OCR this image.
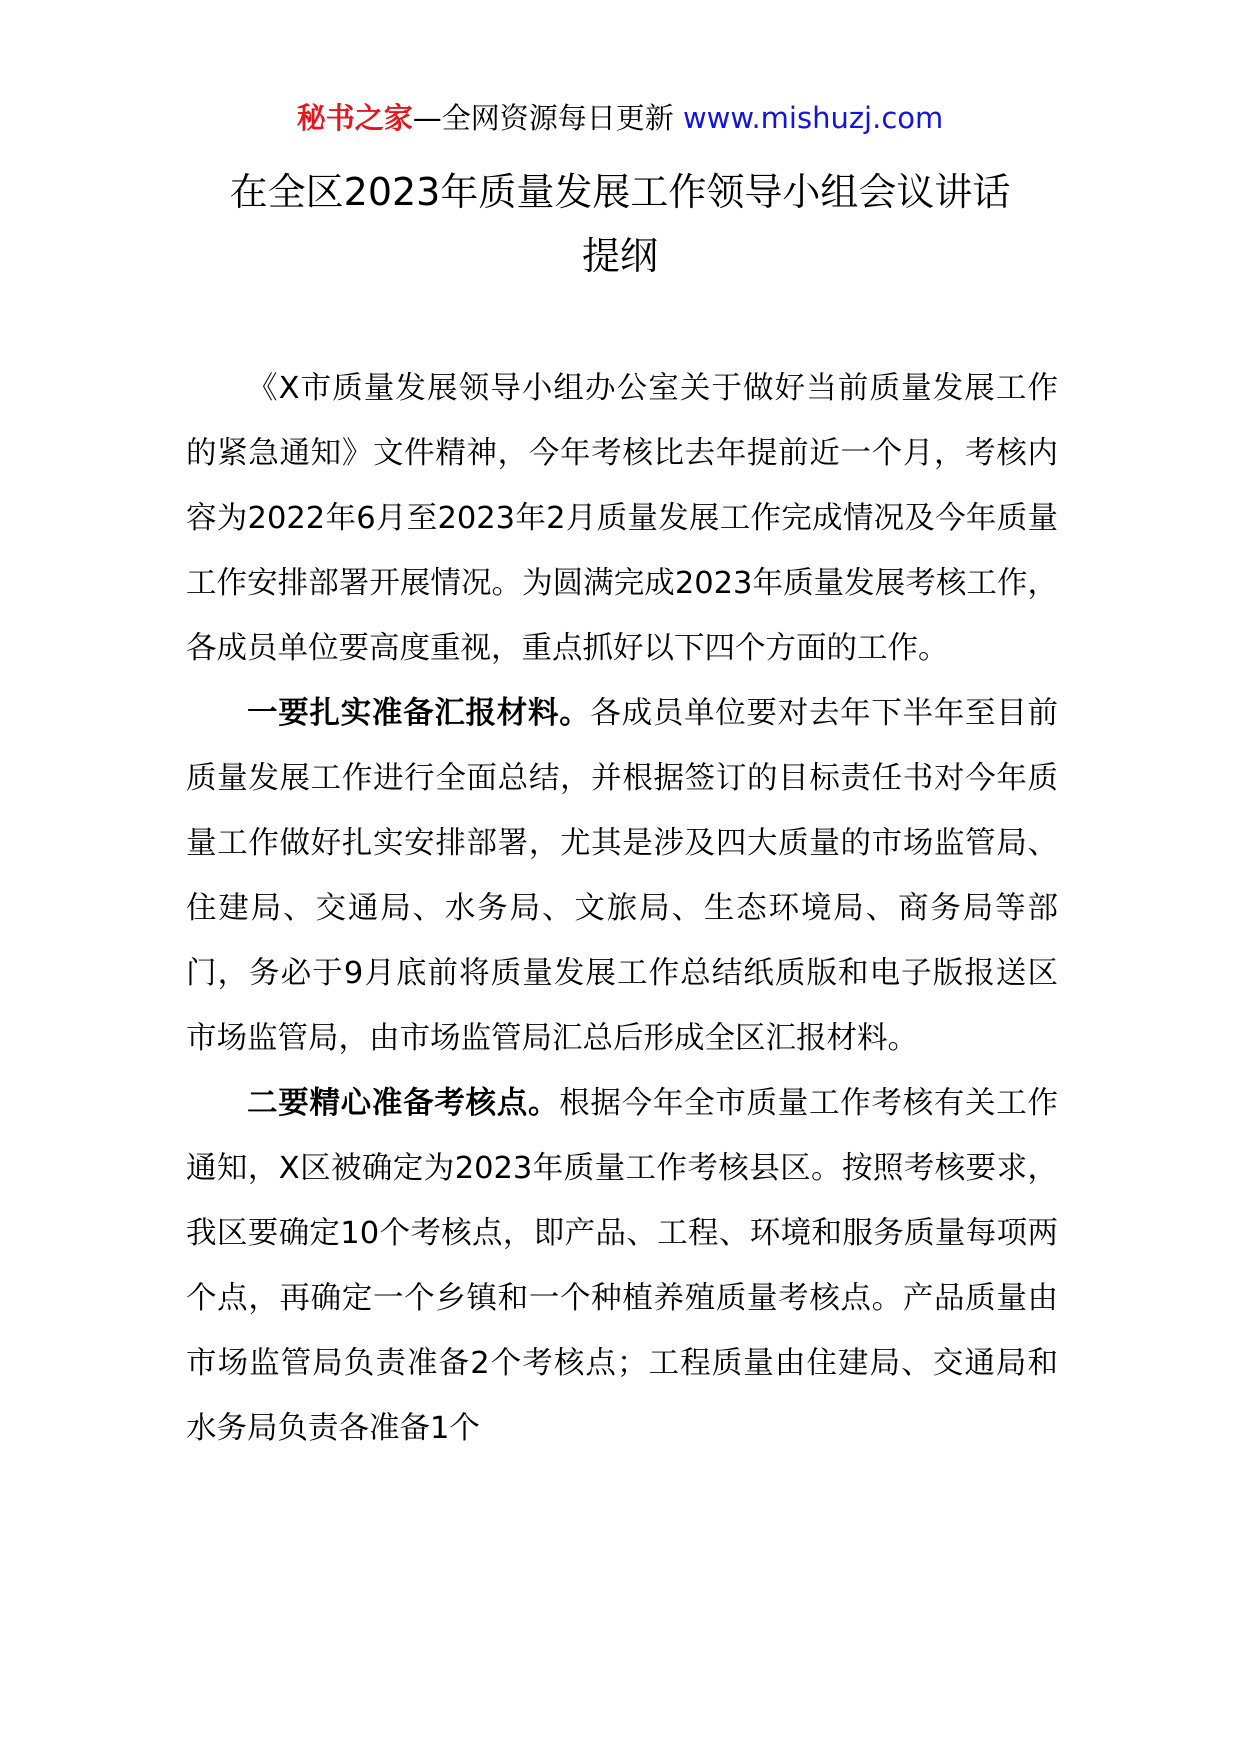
秘书之家—全网资源每日更新 www.mishuzj.com
在全区2023年质量发展工作领导小组会议讲话
提纲

《X市质量发展领导小组办公室关于做好当前质量发展工作的紧急通知》文件精神，今年考核比去年提前近一个月，考核内容为2022年6月至2023年2月质量发展工作完成情况及今年质量工作安排部署开展情况。为圆满完成2023年质量发展考核工作，各成员单位要高度重视，重点抓好以下四个方面的工作。

一要扎实准备汇报材料。各成员单位要对去年下半年至目前质量发展工作进行全面总结，并根据签订的目标责任书对今年质量工作做好扎实安排部署，尤其是涉及四大质量的市场监管局、住建局、交通局、水务局、文旅局、生态环境局、商务局等部门，务必于9月底前将质量发展工作总结纸质版和电子版报送区市场监管局，由市场监管局汇总后形成全区汇报材料。

二要精心准备考核点。根据今年全市质量工作考核有关工作通知，X区被确定为2023年质量工作考核县区。按照考核要求，我区要确定10个考核点，即产品、工程、环境和服务质量每项两个点，再确定一个乡镇和一个种植养殖质量考核点。产品质量由市场监管局负责准备2个考核点；工程质量由住建局、交通局和水务局负责各准备1个
